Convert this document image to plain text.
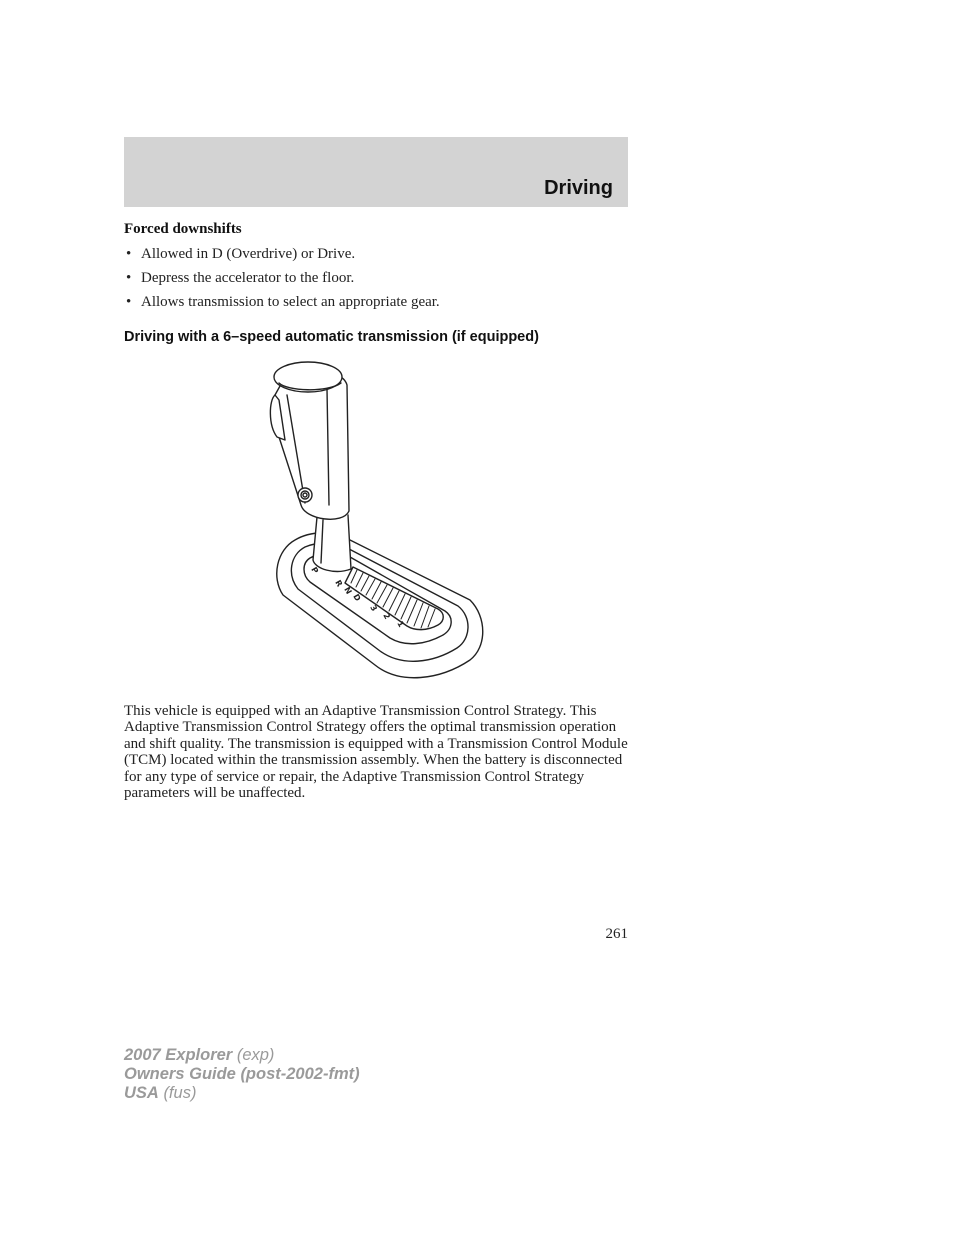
Driving
Forced downshifts
• Allowed in D (Overdrive) or Drive.
• Depress the accelerator to the floor.
• Allows transmission to select an appropriate gear.
Driving with a 6–speed automatic transmission (if equipped)
P
R
N
D
3
2
1

This vehicle is equipped with an Adaptive Transmission Control Strategy. This Adaptive Transmission Control Strategy offers the optimal transmission operation and shift quality. The transmission is equipped with a Transmission Control Module (TCM) located within the transmission assembly. When the battery is disconnected for any type of service or repair, the Adaptive Transmission Control Strategy parameters will be unaffected.

261
2007 Explorer (exp)
Owners Guide (post-2002-fmt)
USA (fus)
